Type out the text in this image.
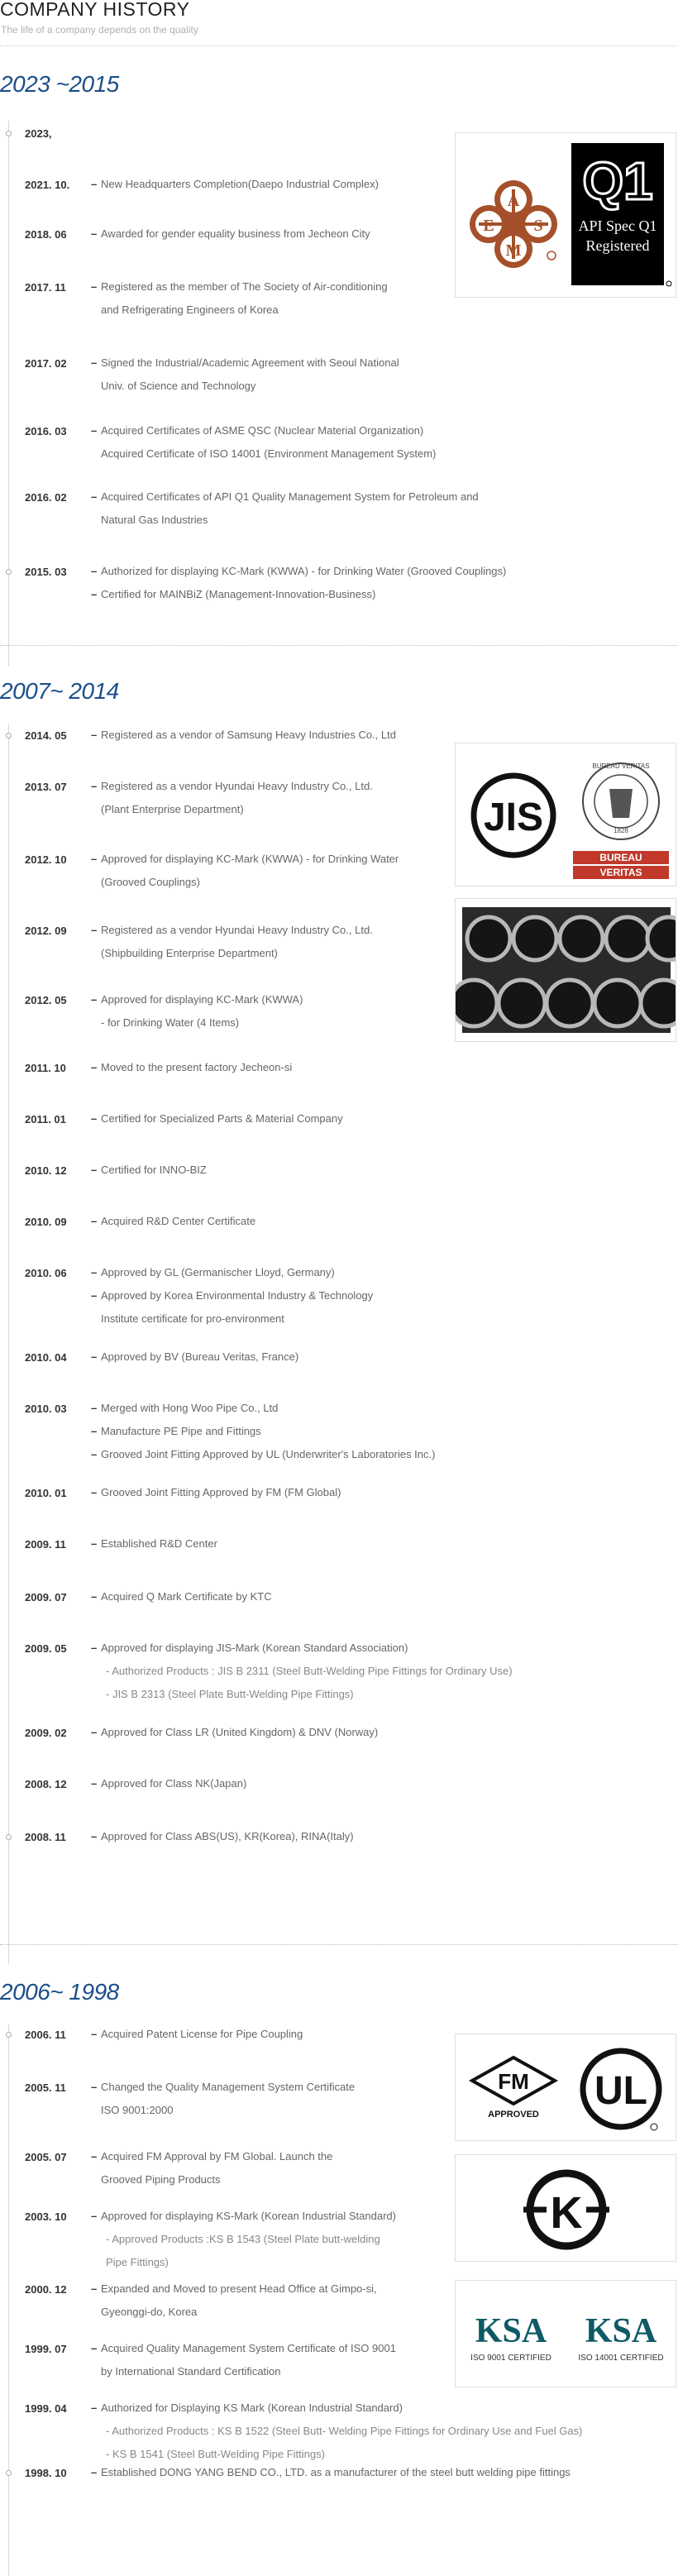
COMPANY HISTORY
The life of a company depends on the quality
2023 ~2015
2023,
2021. 10.	– New Headquarters Completion(Daepo Industrial Complex)
2018. 06	– Awarded for gender equality business from Jecheon City
2017. 11	– Registered as the member of The Society of Air-conditioning
and Refrigerating Engineers of Korea
2017. 02	– Signed the Industrial/Academic Agreement with Seoul National
Univ. of Science and Technology
2016. 03	– Acquired Certificates of ASME QSC (Nuclear Material Organization)
Acquired Certificate of ISO 14001 (Environment Management System)
2016. 02	– Acquired Certificates of API Q1 Quality Management System for Petroleum and
Natural Gas Industries
2015. 03	– Authorized for displaying KC-Mark (KWWA) - for Drinking Water (Grooved Couplings)
– Certified for MAINBiZ (Management-Innovation-Business)
2007~ 2014
2014. 05	– Registered as a vendor of Samsung Heavy Industries Co., Ltd
2013. 07	– Registered as a vendor Hyundai Heavy Industry Co., Ltd.
(Plant Enterprise Department)
2012. 10	– Approved for displaying KC-Mark (KWWA) - for Drinking Water
(Grooved Couplings)
2012. 09	– Registered as a vendor Hyundai Heavy Industry Co., Ltd.
(Shipbuilding Enterprise Department)
2012. 05	– Approved for displaying KC-Mark (KWWA)
- for Drinking Water (4 Items)
2011. 10	– Moved to the present factory Jecheon-si
2011. 01	– Certified for Specialized Parts & Material Company
2010. 12	– Certified for INNO-BIZ
2010. 09	– Acquired R&D Center Certificate
2010. 06	– Approved by GL (Germanischer Lloyd, Germany)
– Approved by Korea Environmental Industry & Technology
Institute certificate for pro-environment
2010. 04	– Approved by BV (Bureau Veritas, France)
2010. 03	– Merged with Hong Woo Pipe Co., Ltd
– Manufacture PE Pipe and Fittings
– Grooved Joint Fitting Approved by UL (Underwriter's Laboratories Inc.)
2010. 01	– Grooved Joint Fitting Approved by FM (FM Global)
2009. 11	– Established R&D Center
2009. 07	– Acquired Q Mark Certificate by KTC
2009. 05	– Approved for displaying JIS-Mark (Korean Standard Association)
- Authorized Products : JIS B 2311 (Steel Butt-Welding Pipe Fittings for Ordinary Use)
- JIS B 2313 (Steel Plate Butt-Welding Pipe Fittings)
2009. 02	– Approved for Class LR (United Kingdom) & DNV (Norway)
2008. 12	– Approved for Class NK(Japan)
2008. 11	– Approved for Class ABS(US), KR(Korea), RINA(Italy)
2006~ 1998
2006. 11	– Acquired Patent License for Pipe Coupling
2005. 11	– Changed the Quality Management System Certificate
ISO 9001:2000
2005. 07	– Acquired FM Approval by FM Global. Launch the
Grooved Piping Products
2003. 10	– Approved for displaying KS-Mark (Korean Industrial Standard)
- Approved Products :KS B 1543 (Steel Plate butt-welding
Pipe Fittings)
2000. 12	– Expanded and Moved to present Head Office at Gimpo-si,
Gyeonggi-do, Korea
1999. 07	– Acquired Quality Management System Certificate of ISO 9001
by International Standard Certification
1999. 04	– Authorized for Displaying KS Mark (Korean Industrial Standard)
- Authorized Products : KS B 1522 (Steel Butt- Welding Pipe Fittings for Ordinary Use and Fuel Gas)
- KS B 1541 (Steel Butt-Welding Pipe Fittings)
1998. 10	– Established DONG YANG BEND CO., LTD. as a manufacturer of the steel butt welding pipe fittings
A
S
M
E
Q1
API Spec Q1
Registered
JIS	1828
BUREAU VERITAS
BUREAU
VERITAS
FM
APPROVED
UL
K
KSA
ISO 9001 CERTIFIED
KSA
ISO 14001 CERTIFIED
